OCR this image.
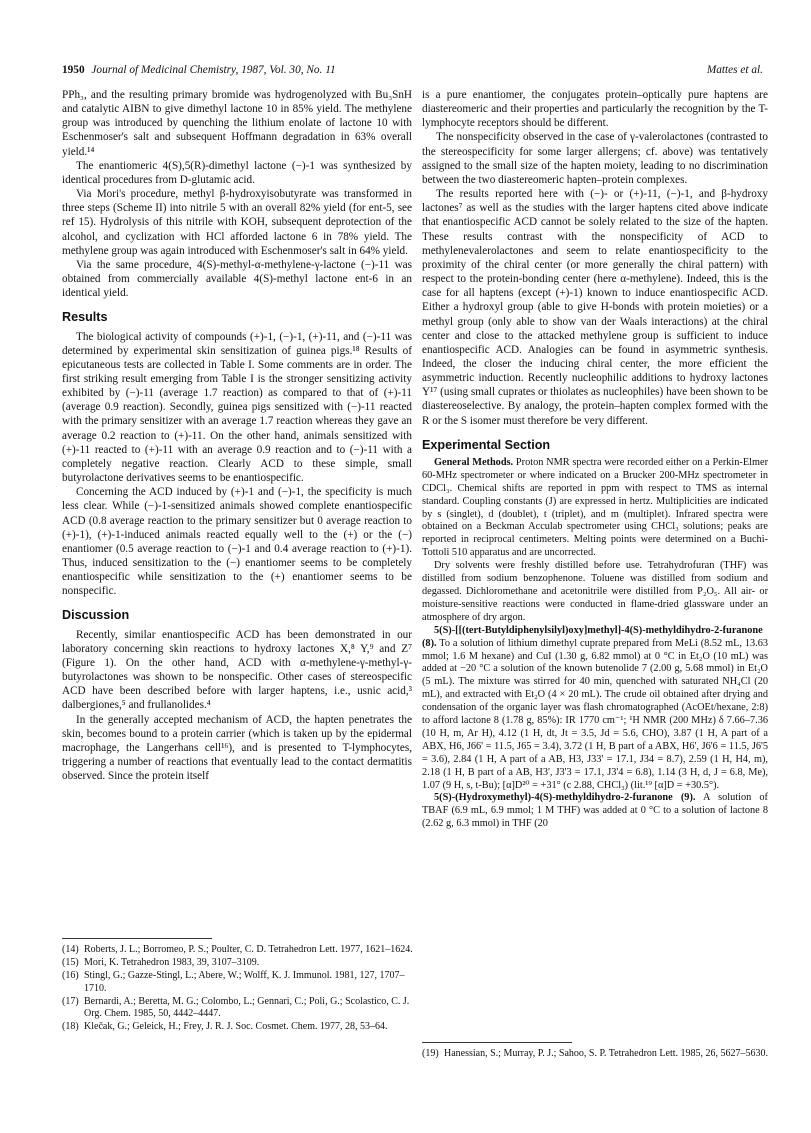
1950 Journal of Medicinal Chemistry, 1987, Vol. 30, No. 11	Mattes et al.

PPh₃, and the resulting primary bromide was hydrogenolyzed with Bu₃SnH and catalytic AIBN to give dimethyl lactone 10 in 85% yield. The methylene group was introduced by quenching the lithium enolate of lactone 10 with Eschenmoser's salt and subsequent Hoffmann degradation in 63% overall yield.¹⁴

The enantiomeric 4(S),5(R)-dimethyl lactone (−)-1 was synthesized by identical procedures from D-glutamic acid.

Via Mori's procedure, methyl β-hydroxyisobutyrate was transformed in three steps (Scheme II) into nitrile 5 with an overall 82% yield (for ent-5, see ref 15). Hydrolysis of this nitrile with KOH, subsequent deprotection of the alcohol, and cyclization with HCl afforded lactone 6 in 78% yield. The methylene group was again introduced with Eschenmoser's salt in 64% yield.

Via the same procedure, 4(S)-methyl-α-methylene-γ-lactone (−)-11 was obtained from commercially available 4(S)-methyl lactone ent-6 in an identical yield.

Results

The biological activity of compounds (+)-1, (−)-1, (+)-11, and (−)-11 was determined by experimental skin sensitization of guinea pigs.¹⁸ Results of epicutaneous tests are collected in Table I. Some comments are in order. The first striking result emerging from Table I is the stronger sensitizing activity exhibited by (−)-11 (average 1.7 reaction) as compared to that of (+)-11 (average 0.9 reaction). Secondly, guinea pigs sensitized with (−)-11 reacted with the primary sensitizer with an average 1.7 reaction whereas they gave an average 0.2 reaction to (+)-11. On the other hand, animals sensitized with (+)-11 reacted to (+)-11 with an average 0.9 reaction and to (−)-11 with a completely negative reaction. Clearly ACD to these simple, small butyrolactone derivatives seems to be enantiospecific.

Concerning the ACD induced by (+)-1 and (−)-1, the specificity is much less clear. While (−)-1-sensitized animals showed complete enantiospecific ACD (0.8 average reaction to the primary sensitizer but 0 average reaction to (+)-1), (+)-1-induced animals reacted equally well to the (+) or the (−) enantiomer (0.5 average reaction to (−)-1 and 0.4 average reaction to (+)-1). Thus, induced sensitization to the (−) enantiomer seems to be completely enantiospecific while sensitization to the (+) enantiomer seems to be nonspecific.

Discussion

Recently, similar enantiospecific ACD has been demonstrated in our laboratory concerning skin reactions to hydroxy lactones X,⁸ Y,⁹ and Z⁷ (Figure 1). On the other hand, ACD with α-methylene-γ-methyl-γ-butyrolactones was shown to be nonspecific. Other cases of stereospecific ACD have been described before with larger haptens, i.e., usnic acid,³ dalbergiones,⁵ and frullanolides.⁴

In the generally accepted mechanism of ACD, the hapten penetrates the skin, becomes bound to a protein carrier (which is taken up by the epidermal macrophage, the Langerhans cell¹⁶), and is presented to T-lymphocytes, triggering a number of reactions that eventually lead to the contact dermatitis observed. Since the protein itself

is a pure enantiomer, the conjugates protein–optically pure haptens are diastereomeric and their properties and particularly the recognition by the T-lymphocyte receptors should be different.

The nonspecificity observed in the case of γ-valerolactones (contrasted to the stereospecificity for some larger allergens; cf. above) was tentatively assigned to the small size of the hapten moiety, leading to no discrimination between the two diastereomeric hapten–protein complexes.

The results reported here with (−)- or (+)-11, (−)-1, and β-hydroxy lactones⁷ as well as the studies with the larger haptens cited above indicate that enantiospecific ACD cannot be solely related to the size of the hapten. These results contrast with the nonspecificity of ACD to methylenevalerolactones and seem to relate enantiospecificity to the proximity of the chiral center (or more generally the chiral pattern) with respect to the protein-bonding center (here α-methylene). Indeed, this is the case for all haptens (except (+)-1) known to induce enantiospecific ACD. Either a hydroxyl group (able to give H-bonds with protein moieties) or a methyl group (only able to show van der Waals interactions) at the chiral center and close to the attacked methylene group is sufficient to induce enantiospecific ACD. Analogies can be found in asymmetric synthesis. Indeed, the closer the inducing chiral center, the more efficient the asymmetric induction. Recently nucleophilic additions to hydroxy lactones Y¹⁷ (using small cuprates or thiolates as nucleophiles) have been shown to be diastereoselective. By analogy, the protein–hapten complex formed with the R or the S isomer must therefore be very different.

Experimental Section

General Methods. Proton NMR spectra were recorded either on a Perkin-Elmer 60-MHz spectrometer or where indicated on a Brucker 200-MHz spectrometer in CDCl₃. Chemical shifts are reported in ppm with respect to TMS as internal standard. Coupling constants (J) are expressed in hertz. Multiplicities are indicated by s (singlet), d (doublet), t (triplet), and m (multiplet). Infrared spectra were obtained on a Beckman Acculab spectrometer using CHCl₃ solutions; peaks are reported in reciprocal centimeters. Melting points were determined on a Buchi-Tottoli 510 apparatus and are uncorrected.

Dry solvents were freshly distilled before use. Tetrahydrofuran (THF) was distilled from sodium benzophenone. Toluene was distilled from sodium and degassed. Dichloromethane and acetonitrile were distilled from P₂O₅. All air- or moisture-sensitive reactions were conducted in flame-dried glassware under an atmosphere of dry argon.

5(S)-[[(tert-Butyldiphenylsilyl)oxy]methyl]-4(S)-methyldihydro-2-furanone (8). To a solution of lithium dimethyl cuprate prepared from MeLi (8.52 mL, 13.63 mmol; 1.6 M hexane) and CuI (1.30 g, 6.82 mmol) at 0 °C in Et₂O (10 mL) was added at −20 °C a solution of the known butenolide 7 (2.00 g, 5.68 mmol) in Et₂O (5 mL). The mixture was stirred for 40 min, quenched with saturated NH₄Cl (20 mL), and extracted with Et₂O (4 × 20 mL). The crude oil obtained after drying and condensation of the organic layer was flash chromatographed (AcOEt/hexane, 2:8) to afford lactone 8 (1.78 g, 85%): IR 1770 cm⁻¹; ¹H NMR (200 MHz) δ 7.66–7.36 (10 H, m, Ar H), 4.12 (1 H, dt, Jt = 3.5, Jd = 5.6, CHO), 3.87 (1 H, A part of a ABX, H6, J66' = 11.5, J65 = 3.4), 3.72 (1 H, B part of a ABX, H6', J6'6 = 11.5, J6'5 = 3.6), 2.84 (1 H, A part of a AB, H3, J33' = 17.1, J34 = 8.7), 2.59 (1 H, H4, m), 2.18 (1 H, B part of a AB, H3', J3'3 = 17.1, J3'4 = 6.8), 1.14 (3 H, d, J = 6.8, Me), 1.07 (9 H, s, t-Bu); [α]D²⁰ = +31° (c 2.88, CHCl₃) (lit.¹⁹ [α]D = +30.5°).

5(S)-(Hydroxymethyl)-4(S)-methyldihydro-2-furanone (9). A solution of TBAF (6.9 mL, 6.9 mmol; 1 M THF) was added at 0 °C to a solution of lactone 8 (2.62 g, 6.3 mmol) in THF (20

(14) Roberts, J. L.; Borromeo, P. S.; Poulter, C. D. Tetrahedron Lett. 1977, 1621–1624.
(15) Mori, K. Tetrahedron 1983, 39, 3107–3109.
(16) Stingl, G.; Gazze-Stingl, L.; Abere, W.; Wolff, K. J. Immunol. 1981, 127, 1707–1710.
(17) Bernardi, A.; Beretta, M. G.; Colombo, L.; Gennari, C.; Poli, G.; Scolastico, C. J. Org. Chem. 1985, 50, 4442–4447.
(18) Klečak, G.; Geleick, H.; Frey, J. R. J. Soc. Cosmet. Chem. 1977, 28, 53–64.
(19) Hanessian, S.; Murray, P. J.; Sahoo, S. P. Tetrahedron Lett. 1985, 26, 5627–5630.
